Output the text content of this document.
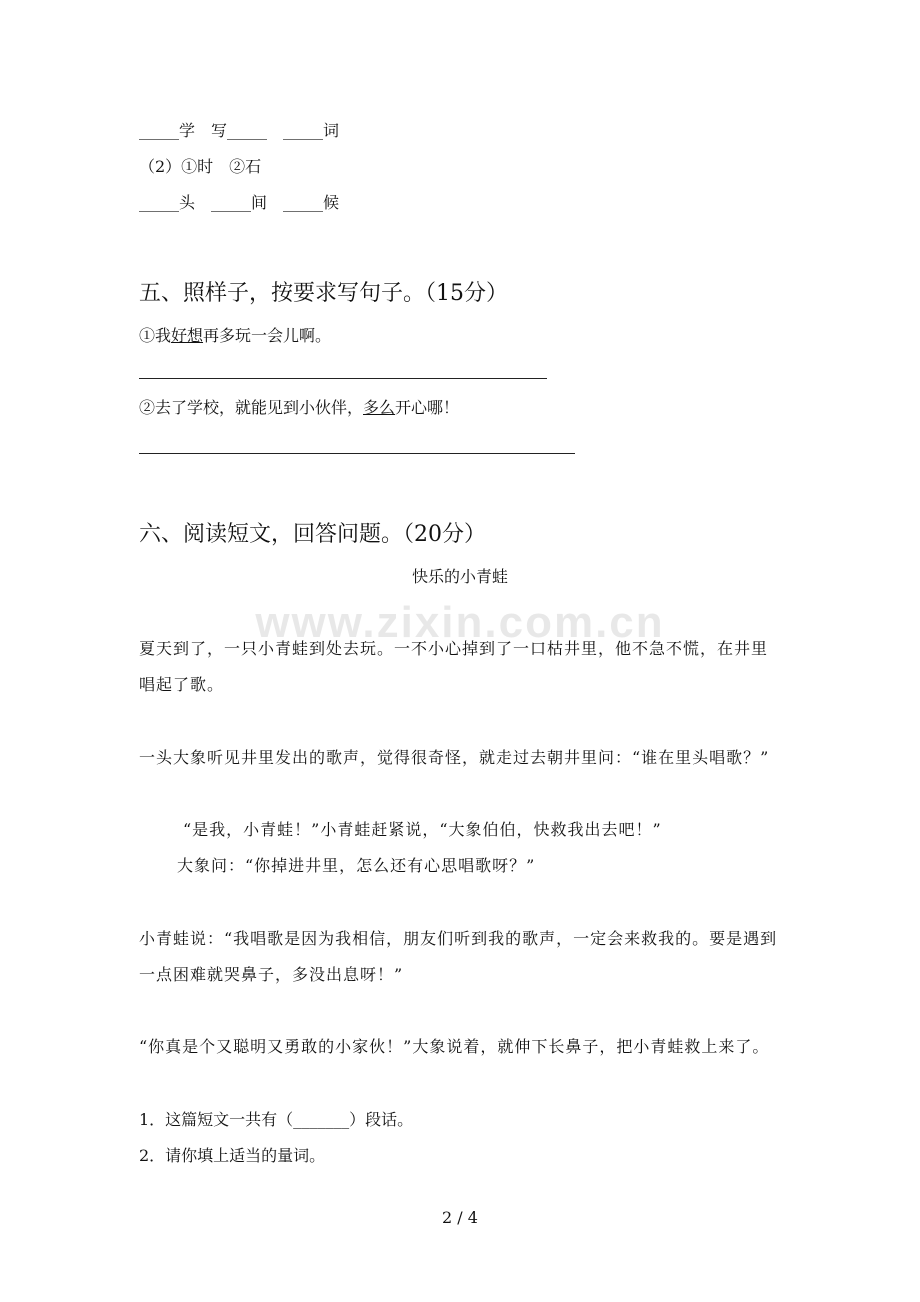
_____学　写_____　_____词
（2）①时　②石
_____头　_____间　_____候
五、照样子，按要求写句子。（15分）
①我好想再多玩一会儿啊。
②去了学校，就能见到小伙伴，多么开心哪！
六、阅读短文，回答问题。（20分）
快乐的小青蛙
www.zixin.com.cn
夏天到了，一只小青蛙到处去玩。一不小心掉到了一口枯井里，他不急不慌，在井里唱起了歌。
一头大象听见井里发出的歌声，觉得很奇怪，就走过去朝井里问：“谁在里头唱歌？”
“是我，小青蛙！”小青蛙赶紧说，“大象伯伯，快救我出去吧！”
大象问：“你掉进井里，怎么还有心思唱歌呀？”
小青蛙说：“我唱歌是因为我相信，朋友们听到我的歌声，一定会来救我的。要是遇到一点困难就哭鼻子，多没出息呀！”
“你真是个又聪明又勇敢的小家伙！”大象说着，就伸下长鼻子，把小青蛙救上来了。
1．这篇短文一共有（_______）段话。
2．请你填上适当的量词。
2 / 4
